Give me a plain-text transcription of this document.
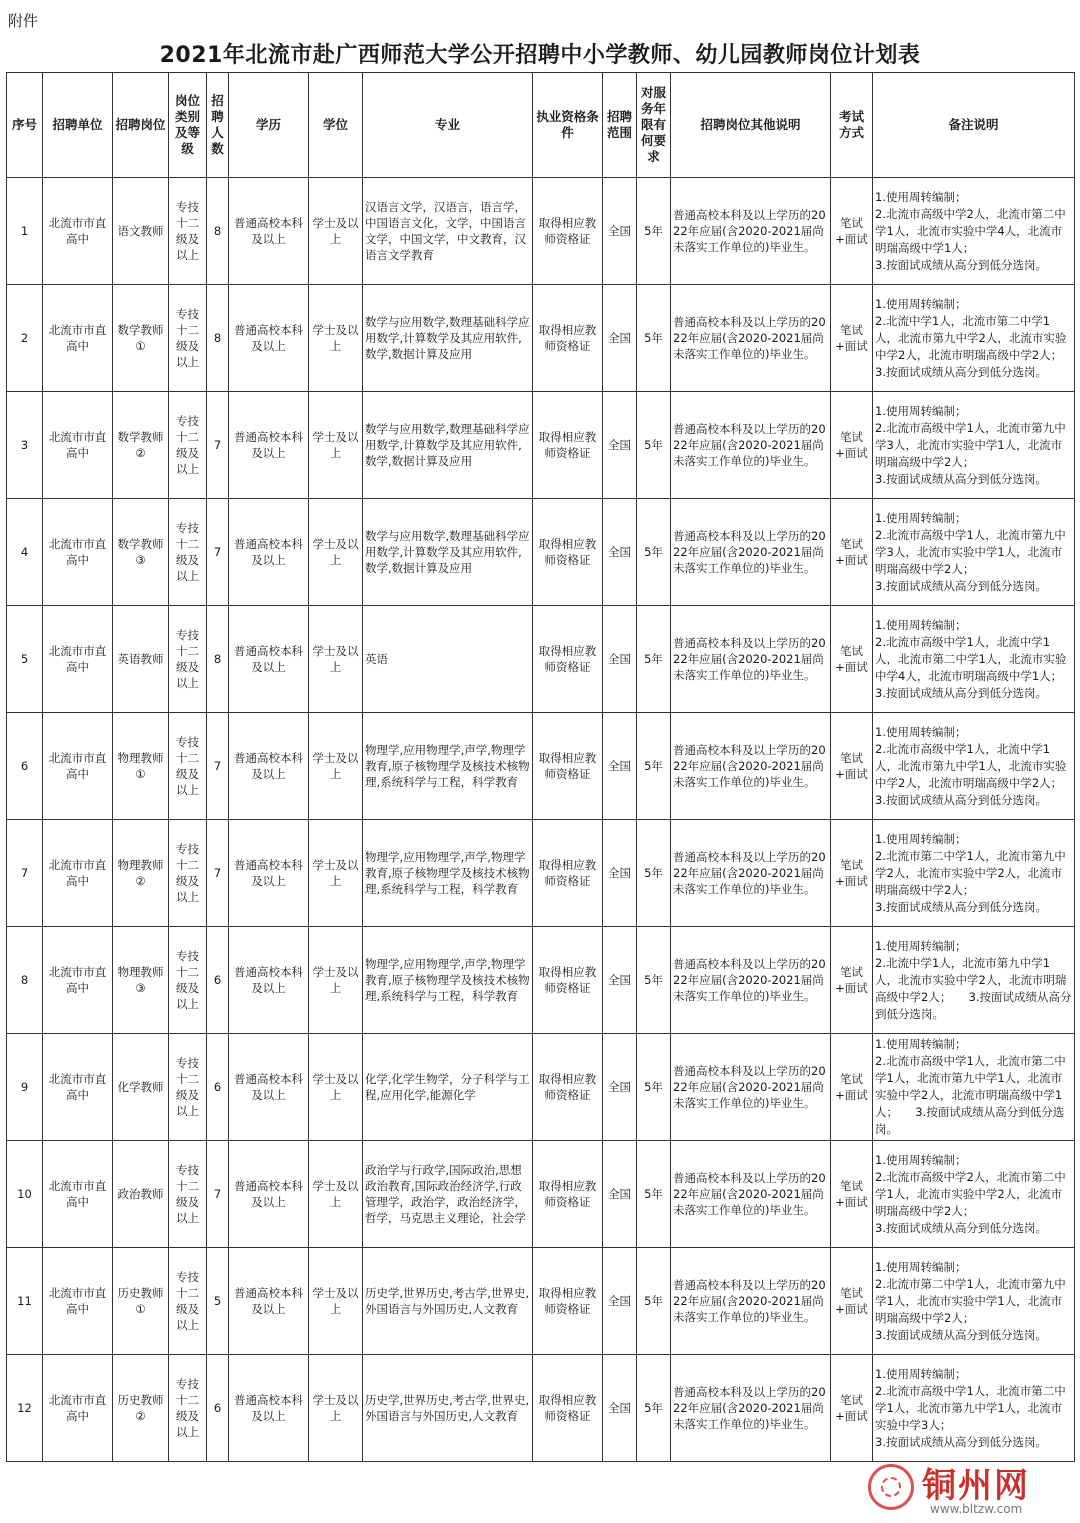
附件
2021年北流市赴广西师范大学公开招聘中小学教师、幼儿园教师岗位计划表
序号	招聘单位	招聘岗位	岗位类别及等级	招聘人数	学历	学位	专业	执业资格条件	招聘范围	对服务年限有何要求	招聘岗位其他说明	考试方式	备注说明
1	北流市市直高中	语文教师	专技十二级及以上	8	普通高校本科及以上	学士及以上	汉语言文学，汉语言，语言学，中国语言文化，文学，中国语言文学，中国文学，中文教育，汉语言文学教育	取得相应教师资格证	全国	5年	普通高校本科及以上学历的2022年应届(含2020-2021届尚未落实工作单位的)毕业生。	笔试+面试	1.使用周转编制；
2.北流市高级中学2人，北流市第二中学1人，北流市实验中学4人，北流市明瑞高级中学1人；
3.按面试成绩从高分到低分选岗。
2	北流市市直高中	数学教师①	专技十二级及以上	8	普通高校本科及以上	学士及以上	数学与应用数学,数理基础科学应用数学,计算数学及其应用软件,数学,数据计算及应用	取得相应教师资格证	全国	5年	普通高校本科及以上学历的2022年应届(含2020-2021届尚未落实工作单位的)毕业生。	笔试+面试	1.使用周转编制；
2.北流中学1人，北流市第二中学1人，北流市第九中学2人，北流市实验中学2人，北流市明瑞高级中学2人；
3.按面试成绩从高分到低分选岗。
3	北流市市直高中	数学教师②	专技十二级及以上	7	普通高校本科及以上	学士及以上	数学与应用数学,数理基础科学应用数学,计算数学及其应用软件,数学,数据计算及应用	取得相应教师资格证	全国	5年	普通高校本科及以上学历的2022年应届(含2020-2021届尚未落实工作单位的)毕业生。	笔试+面试	1.使用周转编制；
2.北流市高级中学1人，北流市第九中学3人，北流市实验中学1人，北流市明瑞高级中学2人；
3.按面试成绩从高分到低分选岗。
4	北流市市直高中	数学教师③	专技十二级及以上	7	普通高校本科及以上	学士及以上	数学与应用数学,数理基础科学应用数学,计算数学及其应用软件,数学,数据计算及应用	取得相应教师资格证	全国	5年	普通高校本科及以上学历的2022年应届(含2020-2021届尚未落实工作单位的)毕业生。	笔试+面试	1.使用周转编制；
2.北流市高级中学1人，北流市第九中学3人，北流市实验中学1人，北流市明瑞高级中学2人；
3.按面试成绩从高分到低分选岗。
5	北流市市直高中	英语教师	专技十二级及以上	8	普通高校本科及以上	学士及以上	英语	取得相应教师资格证	全国	5年	普通高校本科及以上学历的2022年应届(含2020-2021届尚未落实工作单位的)毕业生。	笔试+面试	1.使用周转编制；
2.北流市高级中学1人，北流中学1人，北流市第二中学1人，北流市实验中学4人，北流市明瑞高级中学1人；
3.按面试成绩从高分到低分选岗。
6	北流市市直高中	物理教师①	专技十二级及以上	7	普通高校本科及以上	学士及以上	物理学,应用物理学,声学,物理学教育,原子核物理学及核技术核物理,系统科学与工程，科学教育	取得相应教师资格证	全国	5年	普通高校本科及以上学历的2022年应届(含2020-2021届尚未落实工作单位的)毕业生。	笔试+面试	1.使用周转编制；
2.北流市高级中学1人，北流中学1人，北流市第九中学1人，北流市实验中学2人，北流市明瑞高级中学2人；
3.按面试成绩从高分到低分选岗。
7	北流市市直高中	物理教师②	专技十二级及以上	7	普通高校本科及以上	学士及以上	物理学,应用物理学,声学,物理学教育,原子核物理学及核技术核物理,系统科学与工程，科学教育	取得相应教师资格证	全国	5年	普通高校本科及以上学历的2022年应届(含2020-2021届尚未落实工作单位的)毕业生。	笔试+面试	1.使用周转编制；
2.北流市第二中学1人，北流市第九中学2人，北流市实验中学2人，北流市明瑞高级中学2人；
3.按面试成绩从高分到低分选岗。
8	北流市市直高中	物理教师③	专技十二级及以上	6	普通高校本科及以上	学士及以上	物理学,应用物理学,声学,物理学教育,原子核物理学及核技术核物理,系统科学与工程，科学教育	取得相应教师资格证	全国	5年	普通高校本科及以上学历的2022年应届(含2020-2021届尚未落实工作单位的)毕业生。	笔试+面试	1.使用周转编制；
2.北流中学1人，北流市第九中学1人，北流市实验中学2人，北流市明瑞高级中学2人；　　3.按面试成绩从高分到低分选岗。
9	北流市市直高中	化学教师	专技十二级及以上	6	普通高校本科及以上	学士及以上	化学,化学生物学，分子科学与工程,应用化学,能源化学	取得相应教师资格证	全国	5年	普通高校本科及以上学历的2022年应届(含2020-2021届尚未落实工作单位的)毕业生。	笔试+面试	1.使用周转编制；
2.北流市高级中学1人，北流市第二中学1人，北流市第九中学1人，北流市实验中学2人，北流市明瑞高级中学1人；　　3.按面试成绩从高分到低分选岗。
10	北流市市直高中	政治教师	专技十二级及以上	7	普通高校本科及以上	学士及以上	政治学与行政学,国际政治,思想政治教育,国际政治经济学,行政管理学，政治学，政治经济学，哲学，马克思主义理论，社会学	取得相应教师资格证	全国	5年	普通高校本科及以上学历的2022年应届(含2020-2021届尚未落实工作单位的)毕业生。	笔试+面试	1.使用周转编制；
2.北流市高级中学2人，北流市第二中学1人，北流市实验中学2人，北流市明瑞高级中学2人；
3.按面试成绩从高分到低分选岗。
11	北流市市直高中	历史教师①	专技十二级及以上	5	普通高校本科及以上	学士及以上	历史学,世界历史,考古学,世界史,外国语言与外国历史,人文教育	取得相应教师资格证	全国	5年	普通高校本科及以上学历的2022年应届(含2020-2021届尚未落实工作单位的)毕业生。	笔试+面试	1.使用周转编制；
2.北流市第二中学1人，北流市第九中学1人，北流市实验中学1人，北流市明瑞高级中学2人；
3.按面试成绩从高分到低分选岗。
12	北流市市直高中	历史教师②	专技十二级及以上	6	普通高校本科及以上	学士及以上	历史学,世界历史,考古学,世界史,外国语言与外国历史,人文教育	取得相应教师资格证	全国	5年	普通高校本科及以上学历的2022年应届(含2020-2021届尚未落实工作单位的)毕业生。	笔试+面试	1.使用周转编制；
2.北流市高级中学1人，北流市第二中学1人，北流市第九中学1人，北流市实验中学3人；
3.按面试成绩从高分到低分选岗。
铜州网
www.bltzw.com
